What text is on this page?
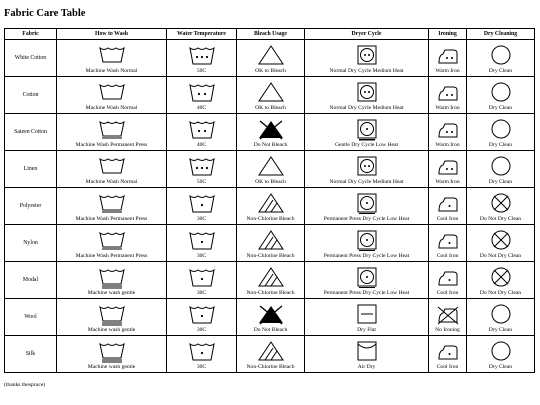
Fabric Care Table
Fabric	How to Wash	Water Temperature	Bleach Usage	Dryer Cycle	Ironing	Dry Cleaning
White Cotton	Machine Wash Normal	50C	OK to Bleach	Normal Dry Cycle Medium Heat	Warm Iron	Dry Clean

Cotton	Machine Wash Normal	40C	OK to Bleach	Normal Dry Cycle Medium Heat	Warm Iron	Dry Clean

Sateen Cotton	Machine Wash Permanent Press	40C	Do Not Bleach	Gentle Dry Cycle Low Heat	Warm Iron	Dry Clean

Linen	Machine Wash Normal	50C	OK to Bleach	Normal Dry Cycle Medium Heat	Warm Iron	Dry Clean

Polyester	Machine Wash Permanent Press	30C	Non-Chlorine Bleach	Permanent Press Dry Cycle Low Heat	Cool Iron	Do Not Dry Clean

Nylon	Machine Wash Permanent Press	30C	Non-Chlorine Bleach	Permanent Press Dry Cycle Low Heat	Cool Iron	Do Not Dry Clean

Modal	Machine wash gentle	30C	Non-Chlorine Bleach	Permanent Press Dry Cycle Low Heat	Cool Iron	Do Not Dry Clean

Wool	Machine wash gentle	30C	Do Not Bleach	Dry Flat	No Ironing	Dry Clean

Silk	Machine wash gentle	30C	Non-Chlorine Bleach	Air Dry	Cool Iron	Dry Clean
(thanks thespruce)
